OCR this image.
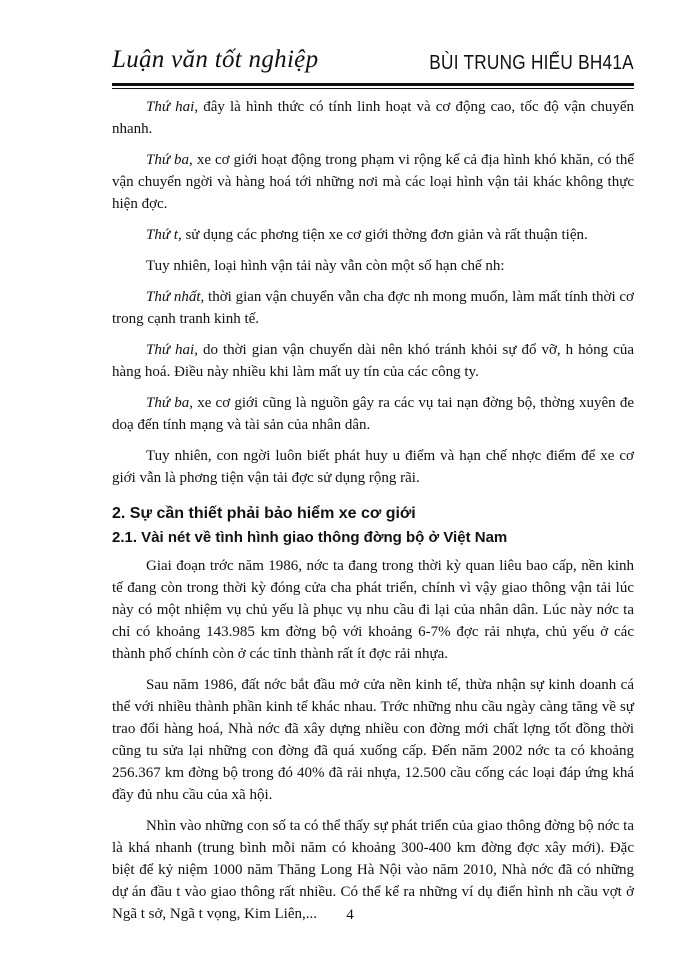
Luận văn tốt nghiệp	BÙI TRUNG HIẾU BH41A

Thứ hai, đây là hình thức có tính linh hoạt và cơ động cao, tốc độ vận chuyển nhanh.

Thứ ba, xe cơ giới hoạt động trong phạm vi rộng kể cả địa hình khó khăn, có thể vận chuyển ngời và hàng hoá tới những nơi mà các loại hình vận tải khác không thực hiện đợc.

Thứ t, sử dụng các phơng tiện xe cơ giới thờng đơn giản và rất thuận tiện.

Tuy nhiên, loại hình vận tải này vẫn còn một số hạn chế nh:

Thứ nhất, thời gian vận chuyển vẫn cha đợc nh mong muốn, làm mất tính thời cơ trong cạnh tranh kinh tế.

Thứ hai, do thời gian vận chuyển dài nên khó tránh khỏi sự đổ vỡ, h hỏng của hàng hoá. Điều này nhiều khi làm mất uy tín của các công ty.

Thứ ba, xe cơ giới cũng là nguồn gây ra các vụ tai nạn đờng bộ, thờng xuyên đe doạ đến tính mạng và tài sản của nhân dân.

Tuy nhiên, con ngời luôn biết phát huy u điểm và hạn chế nhợc điểm để xe cơ giới vẫn là phơng tiện vận tải đợc sử dụng rộng rãi.

2. Sự cần thiết phải bảo hiểm xe cơ giới
2.1. Vài nét về tình hình giao thông đờng bộ ở Việt Nam

Giai đoạn trớc năm 1986, nớc ta đang trong thời kỳ quan liêu bao cấp, nền kinh tế đang còn trong thời kỳ đóng cửa cha phát triển, chính vì vậy giao thông vận tải lúc này có một nhiệm vụ chủ yếu là phục vụ nhu cầu đi lại của nhân dân. Lúc này nớc ta chỉ có khoảng 143.985 km đờng bộ với khoảng 6-7% đợc rải nhựa, chủ yếu ở các thành phố chính còn ở các tỉnh thành rất ít đợc rải nhựa.

Sau năm 1986, đất nớc bắt đầu mở cửa nền kinh tế, thừa nhận sự kinh doanh cá thể với nhiều thành phần kinh tế khác nhau. Trớc những nhu cầu ngày càng tăng về sự trao đổi hàng hoá, Nhà nớc đã xây dựng nhiều con đờng mới chất lợng tốt đồng thời cũng tu sửa lại những con đờng đã quá xuống cấp. Đến năm 2002 nớc ta có khoảng 256.367 km đờng bộ trong đó 40% đã rải nhựa, 12.500 cầu cống các loại đáp ứng khá đầy đủ nhu cầu của xã hội.

Nhìn vào những con số ta có thể thấy sự phát triển của giao thông đờng bộ nớc ta là khá nhanh (trung bình mỗi năm có khoảng 300-400 km đờng đợc xây mới). Đặc biệt để kỷ niệm 1000 năm Thăng Long Hà Nội vào năm 2010, Nhà nớc đã có những dự án đầu t vào giao thông rất nhiều. Có thể kể ra những ví dụ điển hình nh cầu vợt ở Ngã t sở, Ngã t vọng, Kim Liên,...	4
